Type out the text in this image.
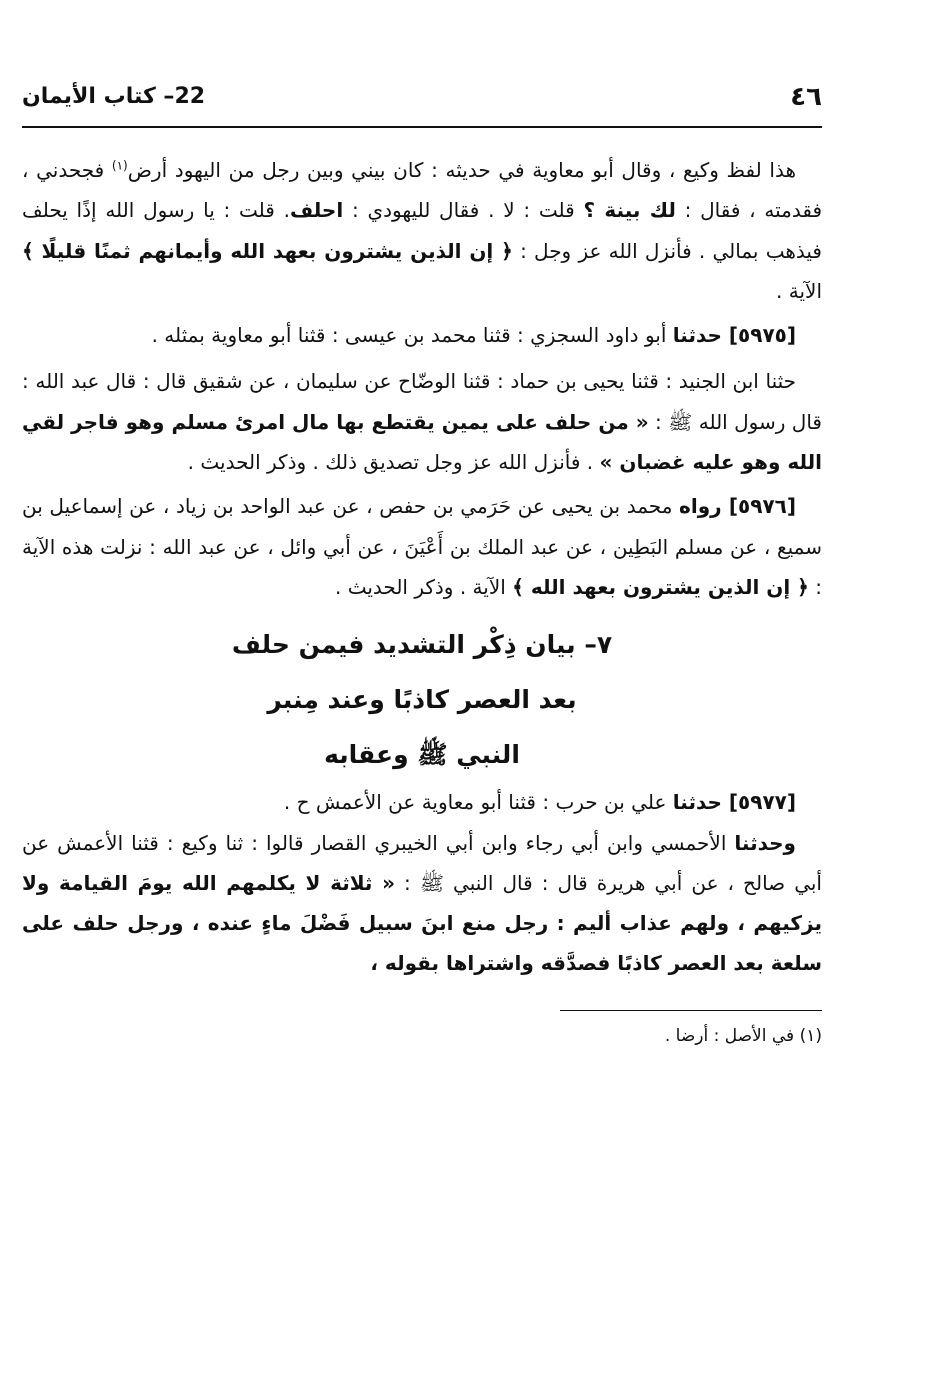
٤٦
22– كتاب الأيمان

هذا لفظ وكيع ، وقال أبو معاوية في حديثه : كان بيني وبين رجل من اليهود أرض$^{(١)}$ فجحدني ، فقدمته ، فقال : لك بينة ؟ قلت : لا . فقال لليهودي : احلف. قلت : يا رسول الله إذًا يحلف فيذهب بمالي . فأنزل الله عز وجل : ﴿ إن الذين يشترون بعهد الله وأيمانهم ثمنًا قليلًا ﴾ الآية .

[٥٩٧٥] حدثنا أبو داود السجزي : قثنا محمد بن عيسى : قثنا أبو معاوية بمثله .

حثنا ابن الجنيد : قثنا يحيى بن حماد : قثنا الوضّاح عن سليمان ، عن شقيق قال : قال عبد الله : قال رسول الله ﷺ : « من حلف على يمين يقتطع بها مال امرئ مسلم وهو فاجر لقي الله وهو عليه غضبان » . فأنزل الله عز وجل تصديق ذلك . وذكر الحديث .

[٥٩٧٦] رواه محمد بن يحيى عن حَرَمي بن حفص ، عن عبد الواحد بن زياد ، عن إسماعيل بن سميع ، عن مسلم البَطِين ، عن عبد الملك بن أَعْيَنَ ، عن أبي وائل ، عن عبد الله : نزلت هذه الآية : ﴿ إن الذين يشترون بعهد الله ﴾ الآية . وذكر الحديث .

٧– بيان ذِكْر التشديد فيمن حلف

بعد العصر كاذبًا وعند مِنبر

النبي ﷺ وعقابه

[٥٩٧٧] حدثنا علي بن حرب : قثنا أبو معاوية عن الأعمش ح .

وحدثنا الأحمسي وابن أبي رجاء وابن أبي الخيبري القصار قالوا : ثنا وكيع : قثنا الأعمش عن أبي صالح ، عن أبي هريرة قال : قال النبي ﷺ : « ثلاثة لا يكلمهم الله يومَ القيامة ولا يزكيهم ، ولهم عذاب أليم : رجل منع ابنَ سبيل فَضْلَ ماءٍ عنده ، ورجل حلف على سلعة بعد العصر كاذبًا فصدَّقه واشتراها بقوله ،

(١) في الأصل : أرضا .
